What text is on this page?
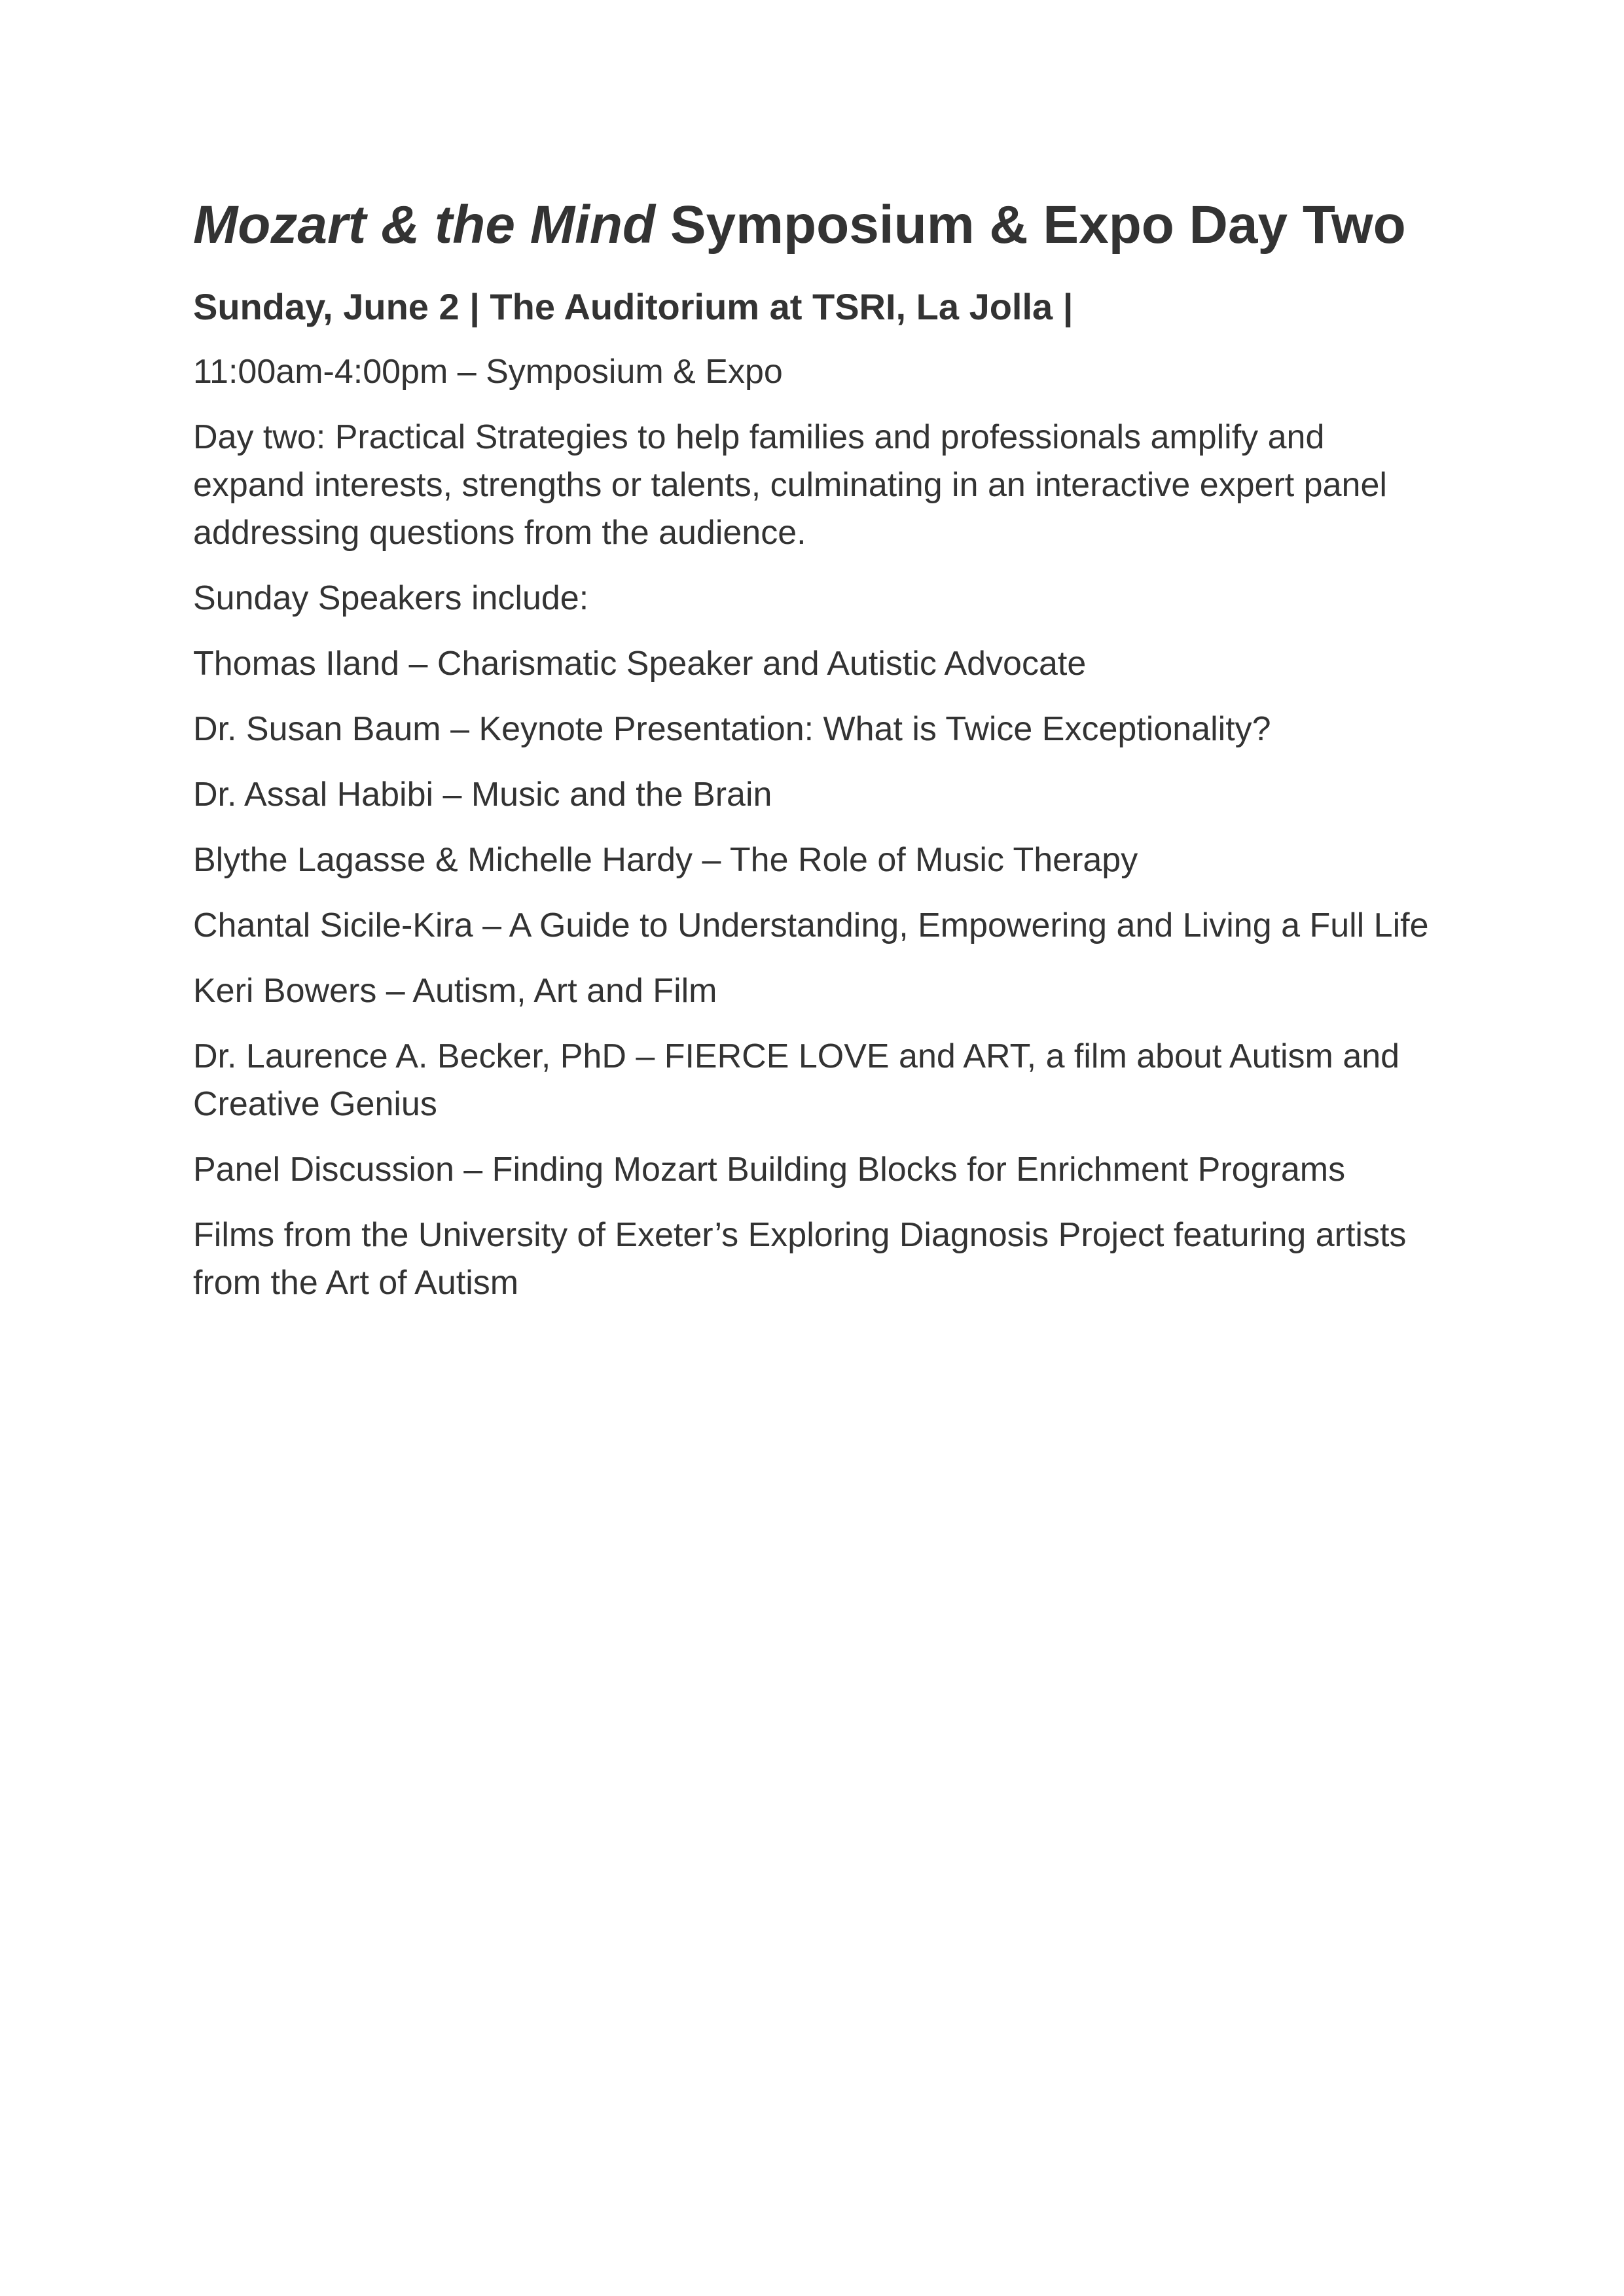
Mozart & the Mind Symposium & Expo Day Two

Sunday, June 2 | The Auditorium at TSRI, La Jolla |

11:00am-4:00pm – Symposium & Expo

Day two: Practical Strategies to help families and professionals amplify and expand interests, strengths or talents, culminating in an interactive expert panel addressing questions from the audience.

Sunday Speakers include:

Thomas Iland – Charismatic Speaker and Autistic Advocate

Dr. Susan Baum – Keynote Presentation: What is Twice Exceptionality?

Dr. Assal Habibi – Music and the Brain

Blythe Lagasse & Michelle Hardy – The Role of Music Therapy

Chantal Sicile-Kira – A Guide to Understanding, Empowering and Living a Full Life

Keri Bowers – Autism, Art and Film

Dr. Laurence A. Becker, PhD – FIERCE LOVE and ART, a film about Autism and Creative Genius

Panel Discussion – Finding Mozart Building Blocks for Enrichment Programs

Films from the University of Exeter’s Exploring Diagnosis Project featuring artists from the Art of Autism
